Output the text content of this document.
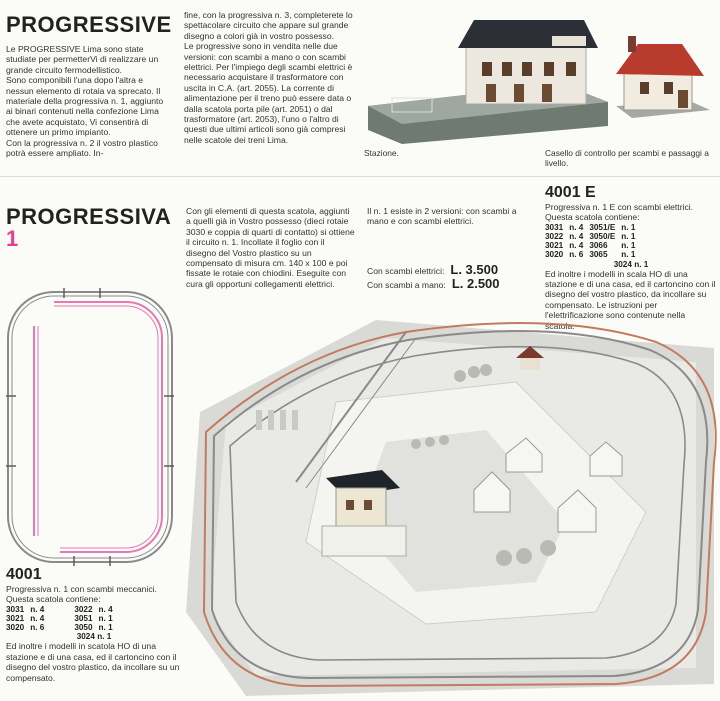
PROGRESSIVE

Le PROGRESSIVE Lima sono state studiate per permetterVi di realizzare un grande circuito fermodellistico.

Sono componibili l'una dopo l'altra e nessun elemento di rotaia va sprecato. Il materiale della progressiva n. 1, aggiunto ai binari contenuti nella confezione Lima che avete acquistato, Vi consentirà di ottenere un primo impianto.

Con la progressiva n. 2 il vostro plastico potrà essere ampliato. In-

fine, con la progressiva n. 3, completerete lo spettacolare circuito che appare sul grande disegno a colori già in vostro possesso.

Le progressive sono in vendita nelle due versioni: con scambi a mano o con scambi elettrici. Per l'impiego degli scambi elettrici è necessario acquistare il trasformatore con uscita in C.A. (art. 2055). La corrente di alimentazione per il treno può essere data o dalla scatola porta pile (art. 2051) o dal trasformatore (art. 2053), l'uno o l'altro di questi due ultimi articoli sono già compresi nelle scatole dei treni Lima.

Stazione.	Casello di controllo per scambi e passaggi a livello.
PROGRESSIVA
1
Con gli elementi di questa scatola, aggiunti a quelli già in Vostro possesso (dieci rotaie 3030 e coppia di quarti di contatto) si ottiene il circuito n. 1. Incollate il foglio con il disegno del Vostro plastico su un compensato di misura cm. 140 x 100 e poi fissate le rotaie con chiodini. Eseguite con cura gli opportuni collegamenti elettrici.
Il n. 1 esiste in 2 versioni: con scambi a mano e con scambi elettrici.
Con scambi elettrici: L. 3.500
Con scambi a mano: L. 2.500
4001 E
Progressiva n. 1 E con scambi elettrici.
Questa scatola contiene:
3031	n. 4	3051/E	n. 1
3022	n. 4	3050/E	n. 1
3021	n. 4	3066	n. 1
3020	n. 6	3065	n. 1
3024 n. 1
Ed inoltre i modelli in scala HO di una stazione e di una casa, ed il cartoncino con il disegno del vostro plastico, da incollare su compensato. Le istruzioni per l'elettrificazione sono contenute nella scatola.
4001
Progressiva n. 1 con scambi meccanici.
Questa scatola contiene:
3031	n. 4	3022	n. 4
3021	n. 4	3051	n. 1
3020	n. 6	3050	n. 1
3024 n. 1
Ed inoltre i modelli in scatola HO di una stazione e di una casa, ed il cartoncino con il disegno del vostro plastico, da incollare su un compensato.
